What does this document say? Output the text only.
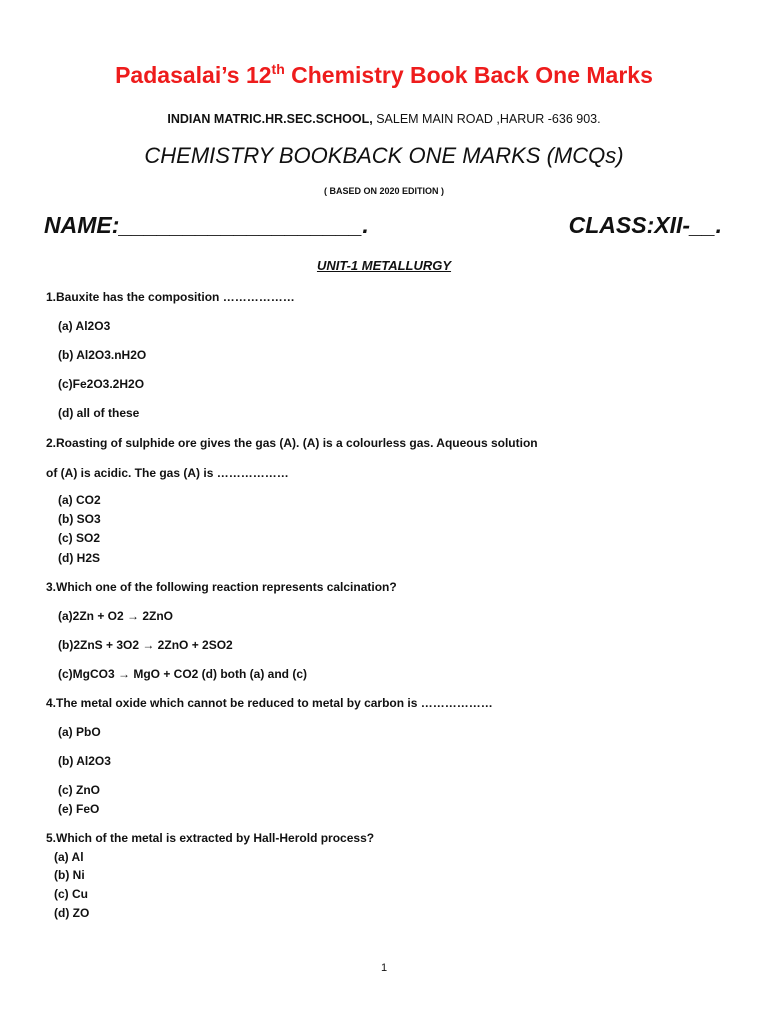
Padasalai’s 12th Chemistry Book Back One Marks
INDIAN MATRIC.HR.SEC.SCHOOL, SALEM MAIN ROAD ,HARUR -636 903.
CHEMISTRY BOOKBACK ONE MARKS (MCQs)
( BASED ON 2020 EDITION )
NAME:___________________.	CLASS:XII-__.
UNIT-1 METALLURGY
1.Bauxite has the composition ………………
(a) Al2O3
(b) Al2O3.nH2O
(c)Fe2O3.2H2O
(d) all of these
2.Roasting of sulphide ore gives the gas (A). (A) is a colourless gas. Aqueous solution
of (A) is acidic. The gas (A) is ………………
(a) CO2
(b) SO3
(c) SO2
(d) H2S
3.Which one of the following reaction represents calcination?
(a)2Zn + O2 → 2ZnO
(b)2ZnS + 3O2 → 2ZnO + 2SO2
(c)MgCO3 → MgO + CO2 (d) both (a) and (c)
4.The metal oxide which cannot be reduced to metal by carbon is ………………
(a) PbO
(b) Al2O3
(c) ZnO
(e) FeO
5.Which of the metal is extracted by Hall-Herold process?
(a) Al
(b) Ni
(c) Cu
(d) ZO
1
